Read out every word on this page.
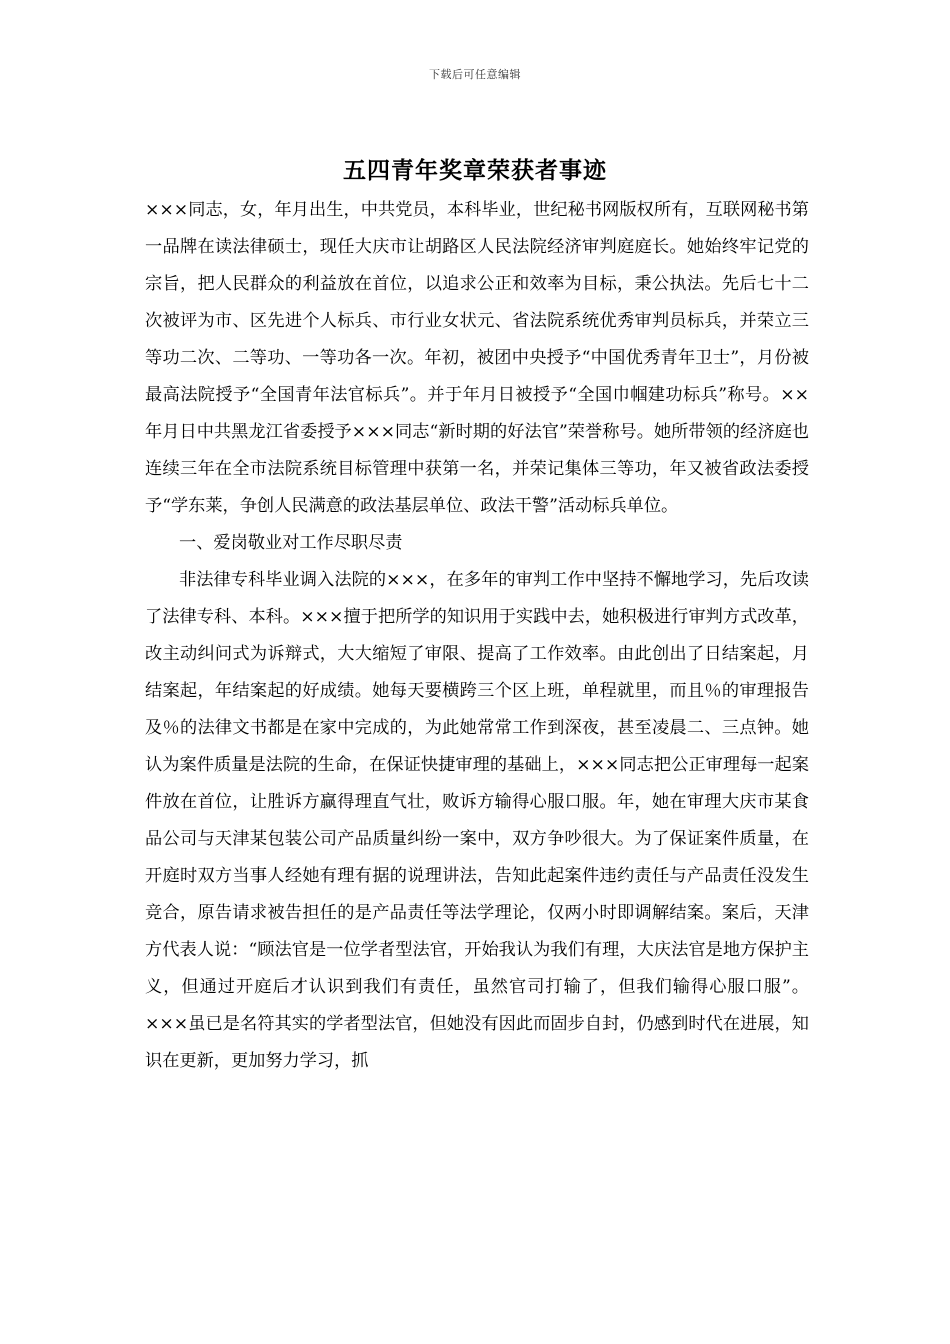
下载后可任意编辑
五四青年奖章荣获者事迹

×××同志，女，年月出生，中共党员，本科毕业，世纪秘书网版权所有，互联网秘书第一品牌在读法律硕士，现任大庆市让胡路区人民法院经济审判庭庭长。她始终牢记党的宗旨，把人民群众的利益放在首位，以追求公正和效率为目标，秉公执法。先后七十二次被评为市、区先进个人标兵、市行业女状元、省法院系统优秀审判员标兵，并荣立三等功二次、二等功、一等功各一次。年初，被团中央授予“中国优秀青年卫士”，月份被最高法院授予“全国青年法官标兵”。并于年月日被授予“全国巾帼建功标兵”称号。××年月日中共黑龙江省委授予×××同志“新时期的好法官”荣誉称号。她所带领的经济庭也连续三年在全市法院系统目标管理中获第一名，并荣记集体三等功，年又被省政法委授予“学东莱，争创人民满意的政法基层单位、政法干警”活动标兵单位。

一、爱岗敬业对工作尽职尽责

非法律专科毕业调入法院的×××，在多年的审判工作中坚持不懈地学习，先后攻读了法律专科、本科。×××擅于把所学的知识用于实践中去，她积极进行审判方式改革，改主动纠问式为诉辩式，大大缩短了审限、提高了工作效率。由此创出了日结案起，月结案起，年结案起的好成绩。她每天要横跨三个区上班，单程就里，而且％的审理报告及％的法律文书都是在家中完成的，为此她常常工作到深夜，甚至凌晨二、三点钟。她认为案件质量是法院的生命，在保证快捷审理的基础上，×××同志把公正审理每一起案件放在首位，让胜诉方赢得理直气壮，败诉方输得心服口服。年，她在审理大庆市某食品公司与天津某包装公司产品质量纠纷一案中，双方争吵很大。为了保证案件质量，在开庭时双方当事人经她有理有据的说理讲法，告知此起案件违约责任与产品责任没发生竞合，原告请求被告担任的是产品责任等法学理论，仅两小时即调解结案。案后，天津方代表人说：“顾法官是一位学者型法官，开始我认为我们有理，大庆法官是地方保护主义，但通过开庭后才认识到我们有责任，虽然官司打输了，但我们输得心服口服”。×××虽已是名符其实的学者型法官，但她没有因此而固步自封，仍感到时代在进展，知识在更新，更加努力学习，抓
